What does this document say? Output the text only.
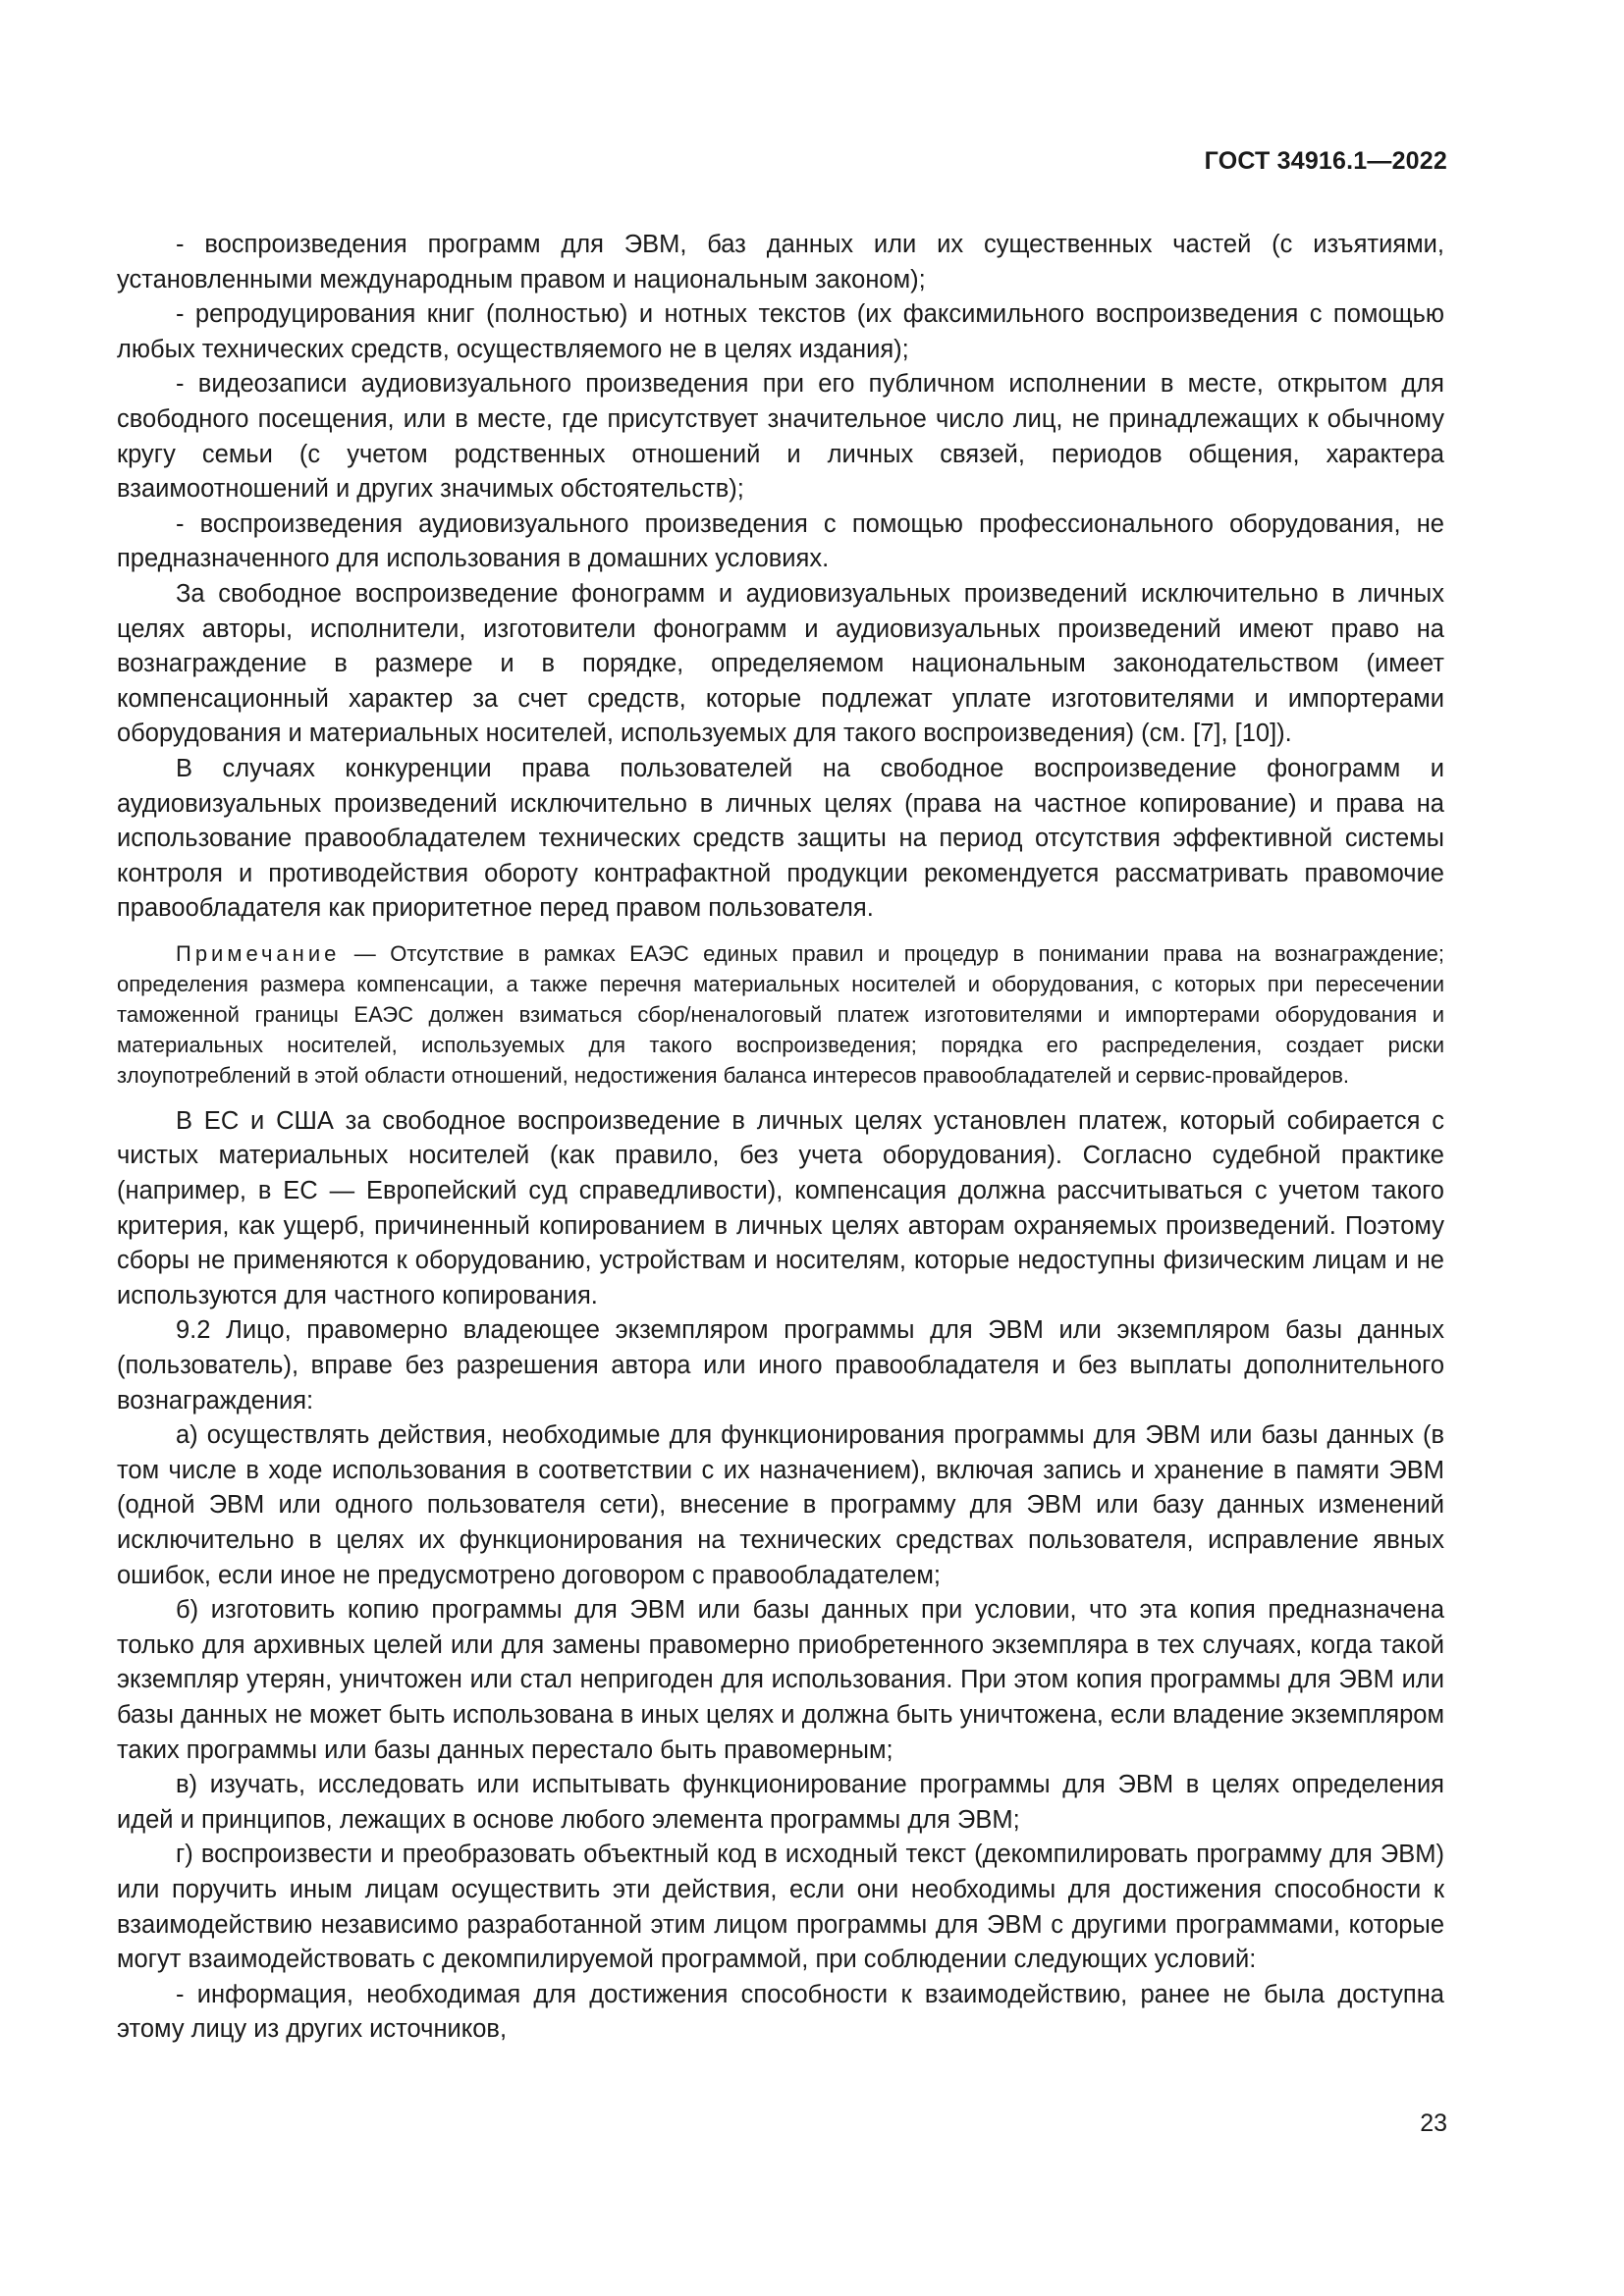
ГОСТ 34916.1—2022

- воспроизведения программ для ЭВМ, баз данных или их существенных частей (с изъятиями, установленными международным правом и национальным законом);

- репродуцирования книг (полностью) и нотных текстов (их факсимильного воспроизведения с помощью любых технических средств, осуществляемого не в целях издания);

- видеозаписи аудиовизуального произведения при его публичном исполнении в месте, открытом для свободного посещения, или в месте, где присутствует значительное число лиц, не принадлежащих к обычному кругу семьи (с учетом родственных отношений и личных связей, периодов общения, характера взаимоотношений и других значимых обстоятельств);

- воспроизведения аудиовизуального произведения с помощью профессионального оборудования, не предназначенного для использования в домашних условиях.

За свободное воспроизведение фонограмм и аудиовизуальных произведений исключительно в личных целях авторы, исполнители, изготовители фонограмм и аудиовизуальных произведений имеют право на вознаграждение в размере и в порядке, определяемом национальным законодательством (имеет компенсационный характер за счет средств, которые подлежат уплате изготовителями и импортерами оборудования и материальных носителей, используемых для такого воспроизведения) (см. [7], [10]).

В случаях конкуренции права пользователей на свободное воспроизведение фонограмм и аудиовизуальных произведений исключительно в личных целях (права на частное копирование) и права на использование правообладателем технических средств защиты на период отсутствия эффективной системы контроля и противодействия обороту контрафактной продукции рекомендуется рассматривать правомочие правообладателя как приоритетное перед правом пользователя.

Примечание — Отсутствие в рамках ЕАЭС единых правил и процедур в понимании права на вознаграждение; определения размера компенсации, а также перечня материальных носителей и оборудования, с которых при пересечении таможенной границы ЕАЭС должен взиматься сбор/неналоговый платеж изготовителями и импортерами оборудования и материальных носителей, используемых для такого воспроизведения; порядка его распределения, создает риски злоупотреблений в этой области отношений, недостижения баланса интересов правообладателей и сервис-провайдеров.

В ЕС и США за свободное воспроизведение в личных целях установлен платеж, который собирается с чистых материальных носителей (как правило, без учета оборудования). Согласно судебной практике (например, в ЕС — Европейский суд справедливости), компенсация должна рассчитываться с учетом такого критерия, как ущерб, причиненный копированием в личных целях авторам охраняемых произведений. Поэтому сборы не применяются к оборудованию, устройствам и носителям, которые недоступны физическим лицам и не используются для частного копирования.

9.2 Лицо, правомерно владеющее экземпляром программы для ЭВМ или экземпляром базы данных (пользователь), вправе без разрешения автора или иного правообладателя и без выплаты дополнительного вознаграждения:

а) осуществлять действия, необходимые для функционирования программы для ЭВМ или базы данных (в том числе в ходе использования в соответствии с их назначением), включая запись и хранение в памяти ЭВМ (одной ЭВМ или одного пользователя сети), внесение в программу для ЭВМ или базу данных изменений исключительно в целях их функционирования на технических средствах пользователя, исправление явных ошибок, если иное не предусмотрено договором с правообладателем;

б) изготовить копию программы для ЭВМ или базы данных при условии, что эта копия предназначена только для архивных целей или для замены правомерно приобретенного экземпляра в тех случаях, когда такой экземпляр утерян, уничтожен или стал непригоден для использования. При этом копия программы для ЭВМ или базы данных не может быть использована в иных целях и должна быть уничтожена, если владение экземпляром таких программы или базы данных перестало быть правомерным;

в) изучать, исследовать или испытывать функционирование программы для ЭВМ в целях определения идей и принципов, лежащих в основе любого элемента программы для ЭВМ;

г) воспроизвести и преобразовать объектный код в исходный текст (декомпилировать программу для ЭВМ) или поручить иным лицам осуществить эти действия, если они необходимы для достижения способности к взаимодействию независимо разработанной этим лицом программы для ЭВМ с другими программами, которые могут взаимодействовать с декомпилируемой программой, при соблюдении следующих условий:

- информация, необходимая для достижения способности к взаимодействию, ранее не была доступна этому лицу из других источников,

23
